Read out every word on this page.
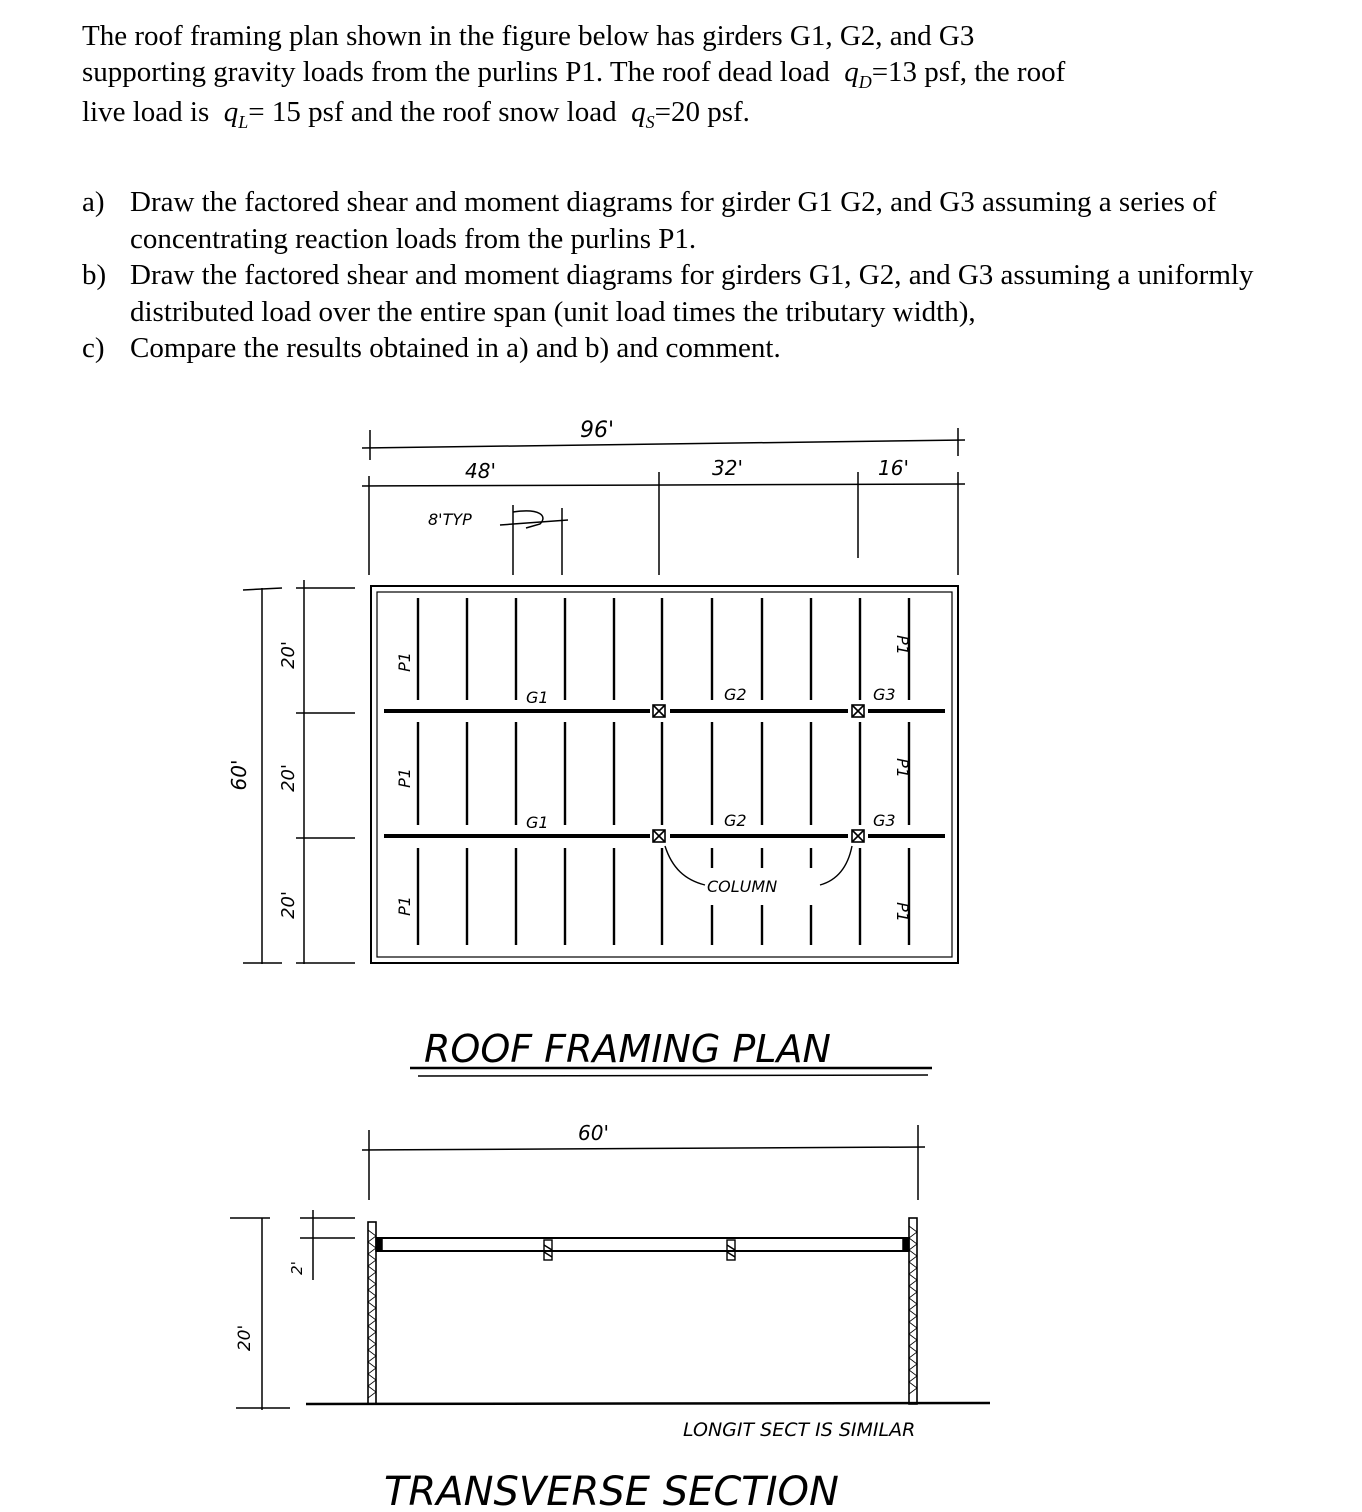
The roof framing plan shown in the figure below has girders G1, G2, and G3

supporting gravity loads from the purlins P1. The roof dead load $q_D=13$ psf, the roof

live load is $q_L= 15$ psf and the roof snow load $q_S=20$ psf.

a) Draw the factored shear and moment diagrams for girder G1 G2, and G3 assuming a series of concentrating reaction loads from the purlins P1.
b) Draw the factored shear and moment diagrams for girders G1, G2, and G3 assuming a uniformly distributed load over the entire span (unit load times the tributary width),
c) Compare the results obtained in a) and b) and comment.
96'
48'	32'	16'
8'TYP
60'
20'
20'
20'
P1
P1
P1
P1
P1
P1
G1
G1
G2
G2
G3
G3
COLUMN
ROOF FRAMING PLAN
60'
20'
2'
LONGIT SECT IS SIMILAR
TRANSVERSE SECTION
